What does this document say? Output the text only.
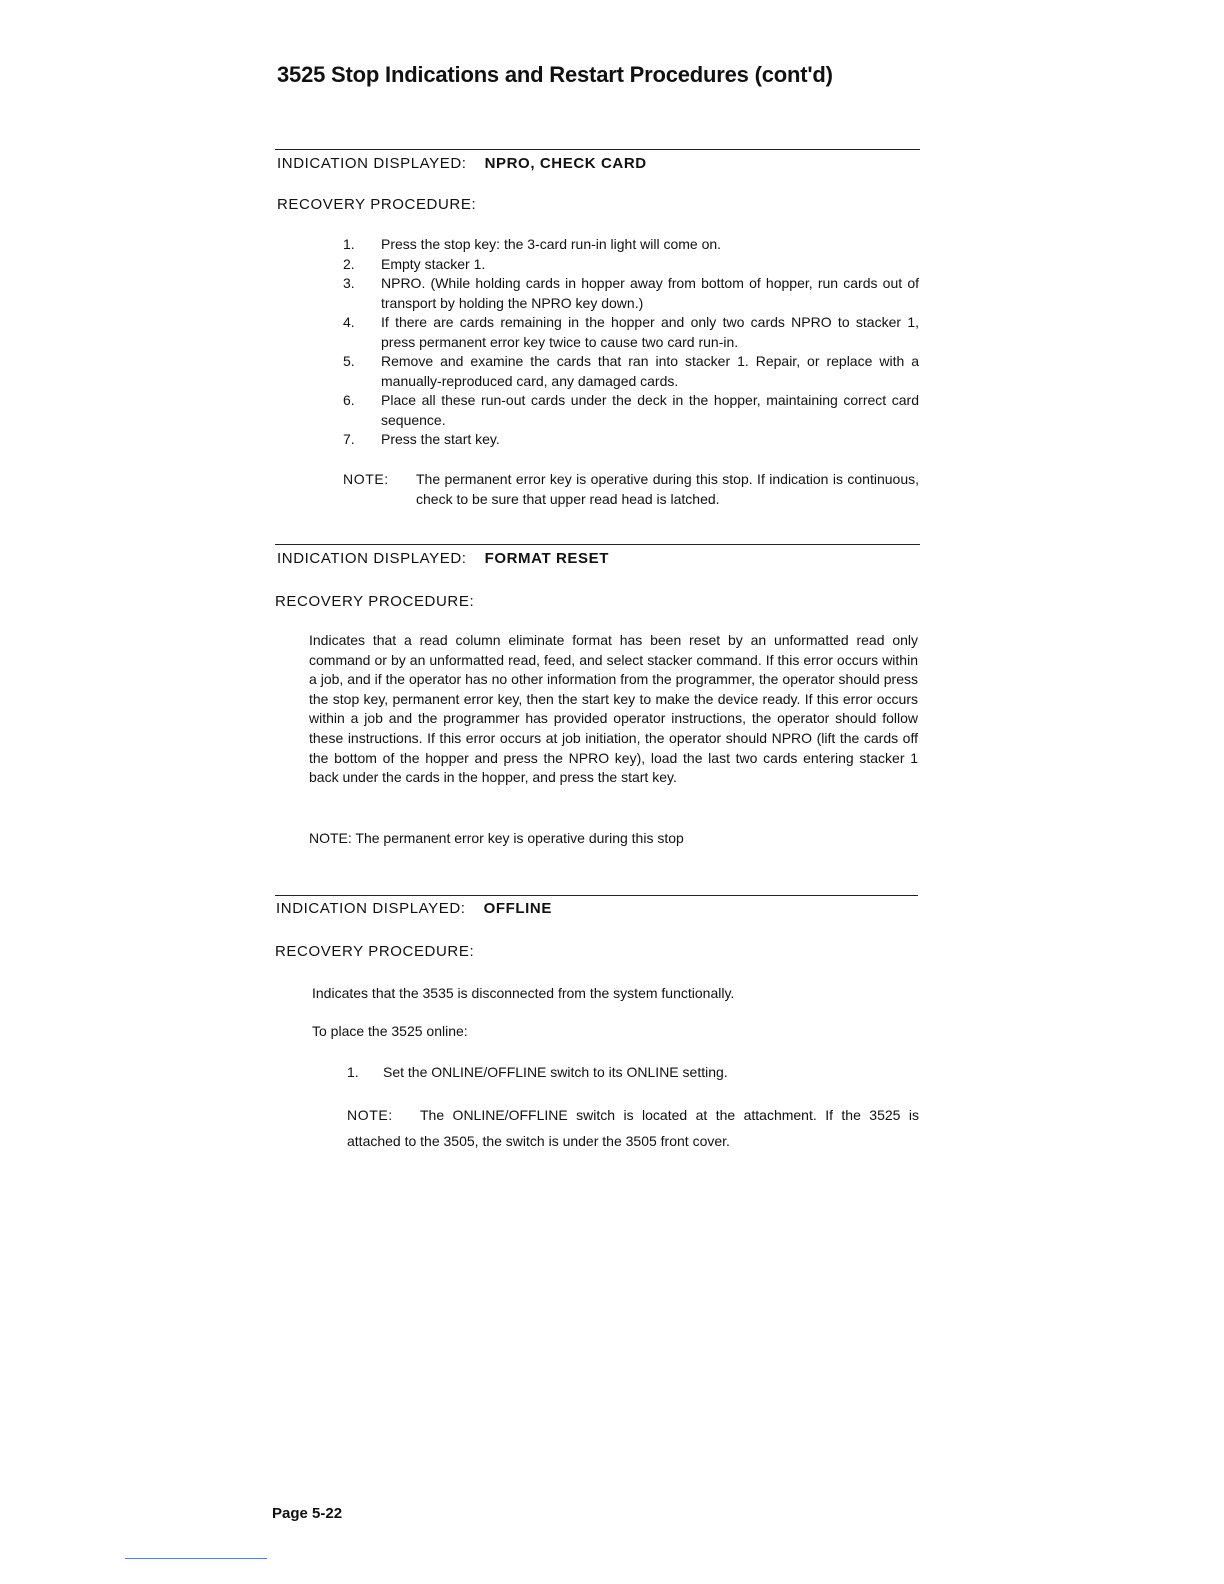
3525 Stop Indications and Restart Procedures (cont'd)

INDICATION DISPLAYED: NPRO, CHECK CARD

RECOVERY PROCEDURE:

1. Press the stop key: the 3-card run-in light will come on.
2. Empty stacker 1.
3. NPRO. (While holding cards in hopper away from bottom of hopper, run cards out of transport by holding the NPRO key down.)
4. If there are cards remaining in the hopper and only two cards NPRO to stacker 1, press permanent error key twice to cause two card run-in.
5. Remove and examine the cards that ran into stacker 1. Repair, or replace with a manually-reproduced card, any damaged cards.
6. Place all these run-out cards under the deck in the hopper, maintaining correct card sequence.
7. Press the start key.
NOTE:	The permanent error key is operative during this stop. If indication is continuous, check to be sure that upper read head is latched.

INDICATION DISPLAYED: FORMAT RESET

RECOVERY PROCEDURE:

Indicates that a read column eliminate format has been reset by an unformatted read only command or by an unformatted read, feed, and select stacker command. If this error occurs within a job, and if the operator has no other information from the programmer, the operator should press the stop key, permanent error key, then the start key to make the device ready. If this error occurs within a job and the programmer has provided operator instructions, the operator should follow these instructions. If this error occurs at job initiation, the operator should NPRO (lift the cards off the bottom of the hopper and press the NPRO key), load the last two cards entering stacker 1 back under the cards in the hopper, and press the start key.

NOTE: The permanent error key is operative during this stop

INDICATION DISPLAYED: OFFLINE

RECOVERY PROCEDURE:

Indicates that the 3535 is disconnected from the system functionally.

To place the 3525 online:

1. Set the ONLINE/OFFLINE switch to its ONLINE setting.
NOTE:	The ONLINE/OFFLINE switch is located at the attachment. If the 3525 is attached to the 3505, the switch is under the 3505 front cover.

Page 5-22
